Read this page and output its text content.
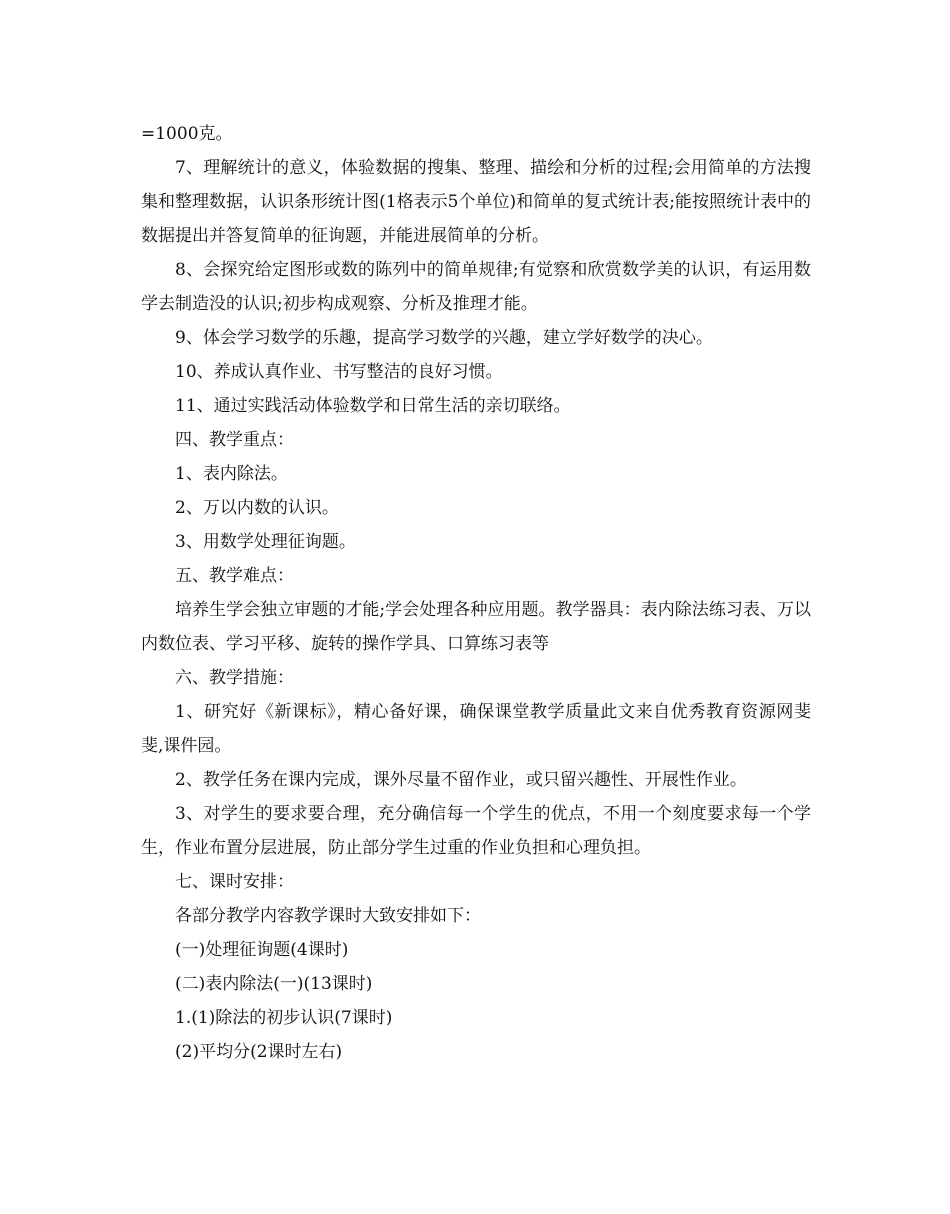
=1000克。

7、理解统计的意义，体验数据的搜集、整理、描绘和分析的过程;会用简单的方法搜集和整理数据，认识条形统计图(1格表示5个单位)和简单的复式统计表;能按照统计表中的数据提出并答复简单的征询题，并能进展简单的分析。

8、会探究给定图形或数的陈列中的简单规律;有觉察和欣赏数学美的认识，有运用数学去制造没的认识;初步构成观察、分析及推理才能。

9、体会学习数学的乐趣，提高学习数学的兴趣，建立学好数学的决心。

10、养成认真作业、书写整洁的良好习惯。

11、通过实践活动体验数学和日常生活的亲切联络。

四、教学重点：

1、表内除法。

2、万以内数的认识。

3、用数学处理征询题。

五、教学难点：

培养生学会独立审题的才能;学会处理各种应用题。教学器具：表内除法练习表、万以内数位表、学习平移、旋转的操作学具、口算练习表等

六、教学措施：

1、研究好《新课标》，精心备好课，确保课堂教学质量此文来自优秀教育资源网斐斐,课件园。

2、教学任务在课内完成，课外尽量不留作业，或只留兴趣性、开展性作业。

3、对学生的要求要合理，充分确信每一个学生的优点，不用一个刻度要求每一个学生，作业布置分层进展，防止部分学生过重的作业负担和心理负担。

七、课时安排：

各部分教学内容教学课时大致安排如下：

(一)处理征询题(4课时)

(二)表内除法(一)(13课时)

1.(1)除法的初步认识(7课时)

(2)平均分(2课时左右)
